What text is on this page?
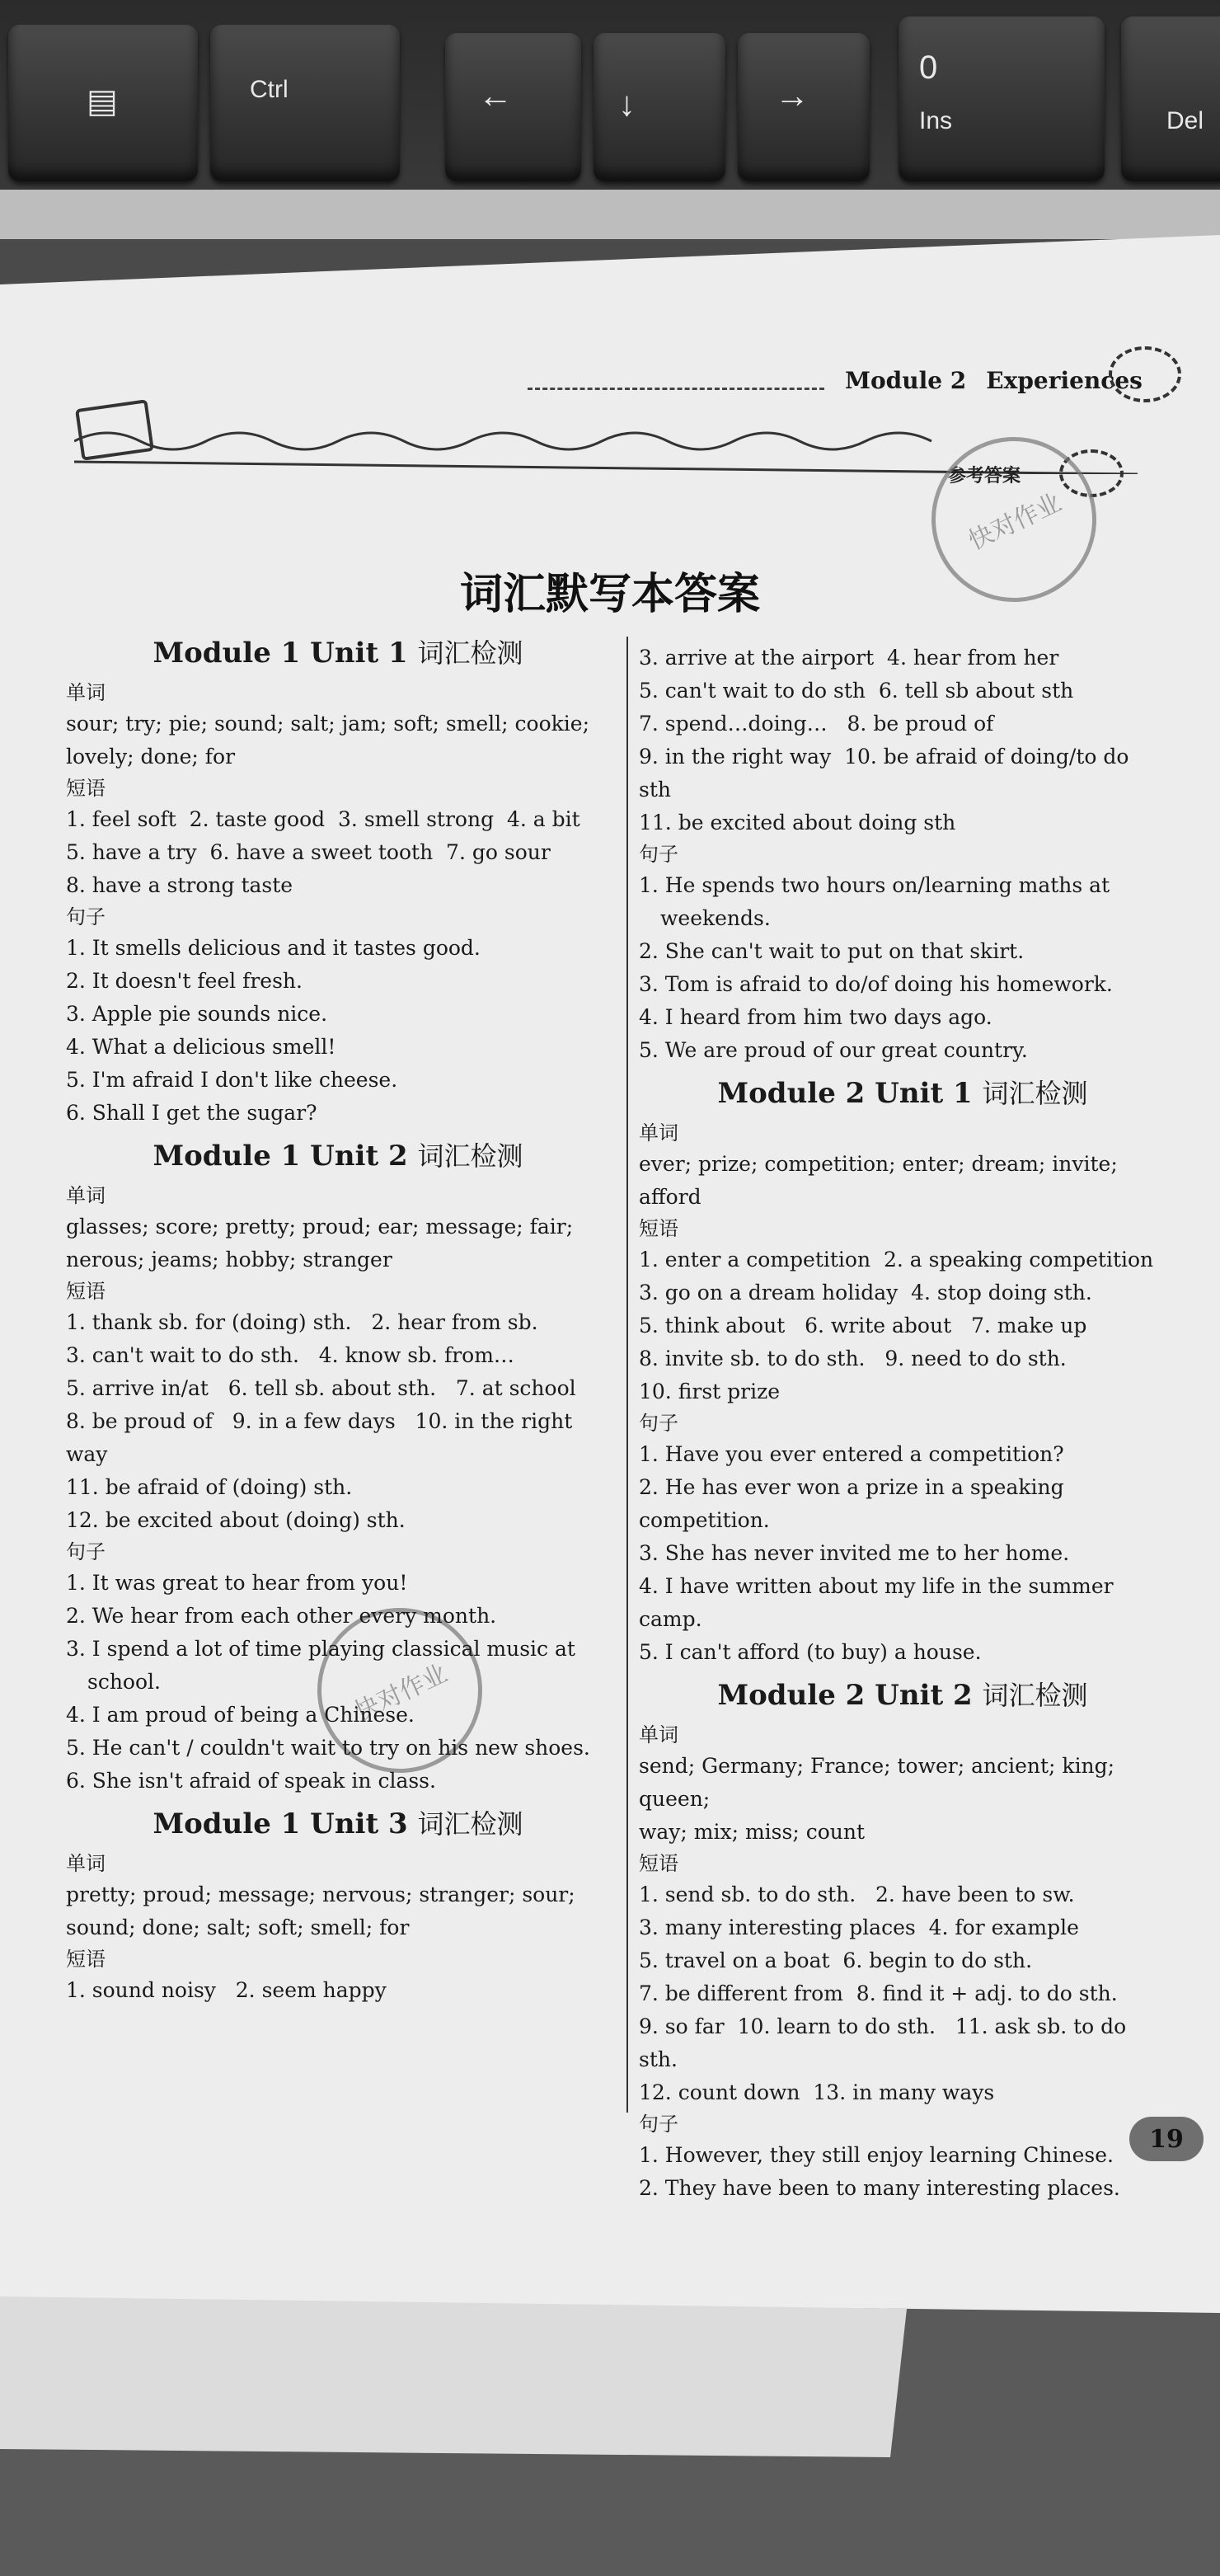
▤	Ctrl	←	↓	→
0
Ins	Del
Module 2 Experiences
参考答案
快对作业
快对作业
词汇默写本答案
Module 1 Unit 1 词汇检测
单词
sour; try; pie; sound; salt; jam; soft; smell; cookie;
lovely; done; for
短语
1. feel soft  2. taste good  3. smell strong  4. a bit
5. have a try  6. have a sweet tooth  7. go sour
8. have a strong taste
句子
1. It smells delicious and it tastes good.
2. It doesn't feel fresh.
3. Apple pie sounds nice.
4. What a delicious smell!
5. I'm afraid I don't like cheese.
6. Shall I get the sugar?
Module 1 Unit 2 词汇检测
单词
glasses; score; pretty; proud; ear; message; fair;
nerous; jeams; hobby; stranger
短语
1. thank sb. for (doing) sth.   2. hear from sb.
3. can't wait to do sth.   4. know sb. from…
5. arrive in/at   6. tell sb. about sth.   7. at school
8. be proud of   9. in a few days   10. in the right way
11. be afraid of (doing) sth.
12. be excited about (doing) sth.
句子
1. It was great to hear from you!
2. We hear from each other every month.
3. I spend a lot of time playing classical music at
school.
4. I am proud of being a Chinese.
5. He can't / couldn't wait to try on his new shoes.
6. She isn't afraid of speak in class.
Module 1 Unit 3 词汇检测
单词
pretty; proud; message; nervous; stranger; sour;
sound; done; salt; soft; smell; for
短语
1. sound noisy   2. seem happy
3. arrive at the airport  4. hear from her
5. can't wait to do sth  6. tell sb about sth
7. spend…doing…   8. be proud of
9. in the right way  10. be afraid of doing/to do sth
11. be excited about doing sth
句子
1. He spends two hours on/learning maths at
weekends.
2. She can't wait to put on that skirt.
3. Tom is afraid to do/of doing his homework.
4. I heard from him two days ago.
5. We are proud of our great country.
Module 2 Unit 1 词汇检测
单词
ever; prize; competition; enter; dream; invite; afford
短语
1. enter a competition  2. a speaking competition
3. go on a dream holiday  4. stop doing sth.
5. think about   6. write about   7. make up
8. invite sb. to do sth.   9. need to do sth.
10. first prize
句子
1. Have you ever entered a competition?
2. He has ever won a prize in a speaking competition.
3. She has never invited me to her home.
4. I have written about my life in the summer camp.
5. I can't afford (to buy) a house.
Module 2 Unit 2 词汇检测
单词
send; Germany; France; tower; ancient; king; queen;
way; mix; miss; count
短语
1. send sb. to do sth.   2. have been to sw.
3. many interesting places  4. for example
5. travel on a boat  6. begin to do sth.
7. be different from  8. find it + adj. to do sth.
9. so far  10. learn to do sth.   11. ask sb. to do sth.
12. count down  13. in many ways
句子
1. However, they still enjoy learning Chinese.
2. They have been to many interesting places.
19
